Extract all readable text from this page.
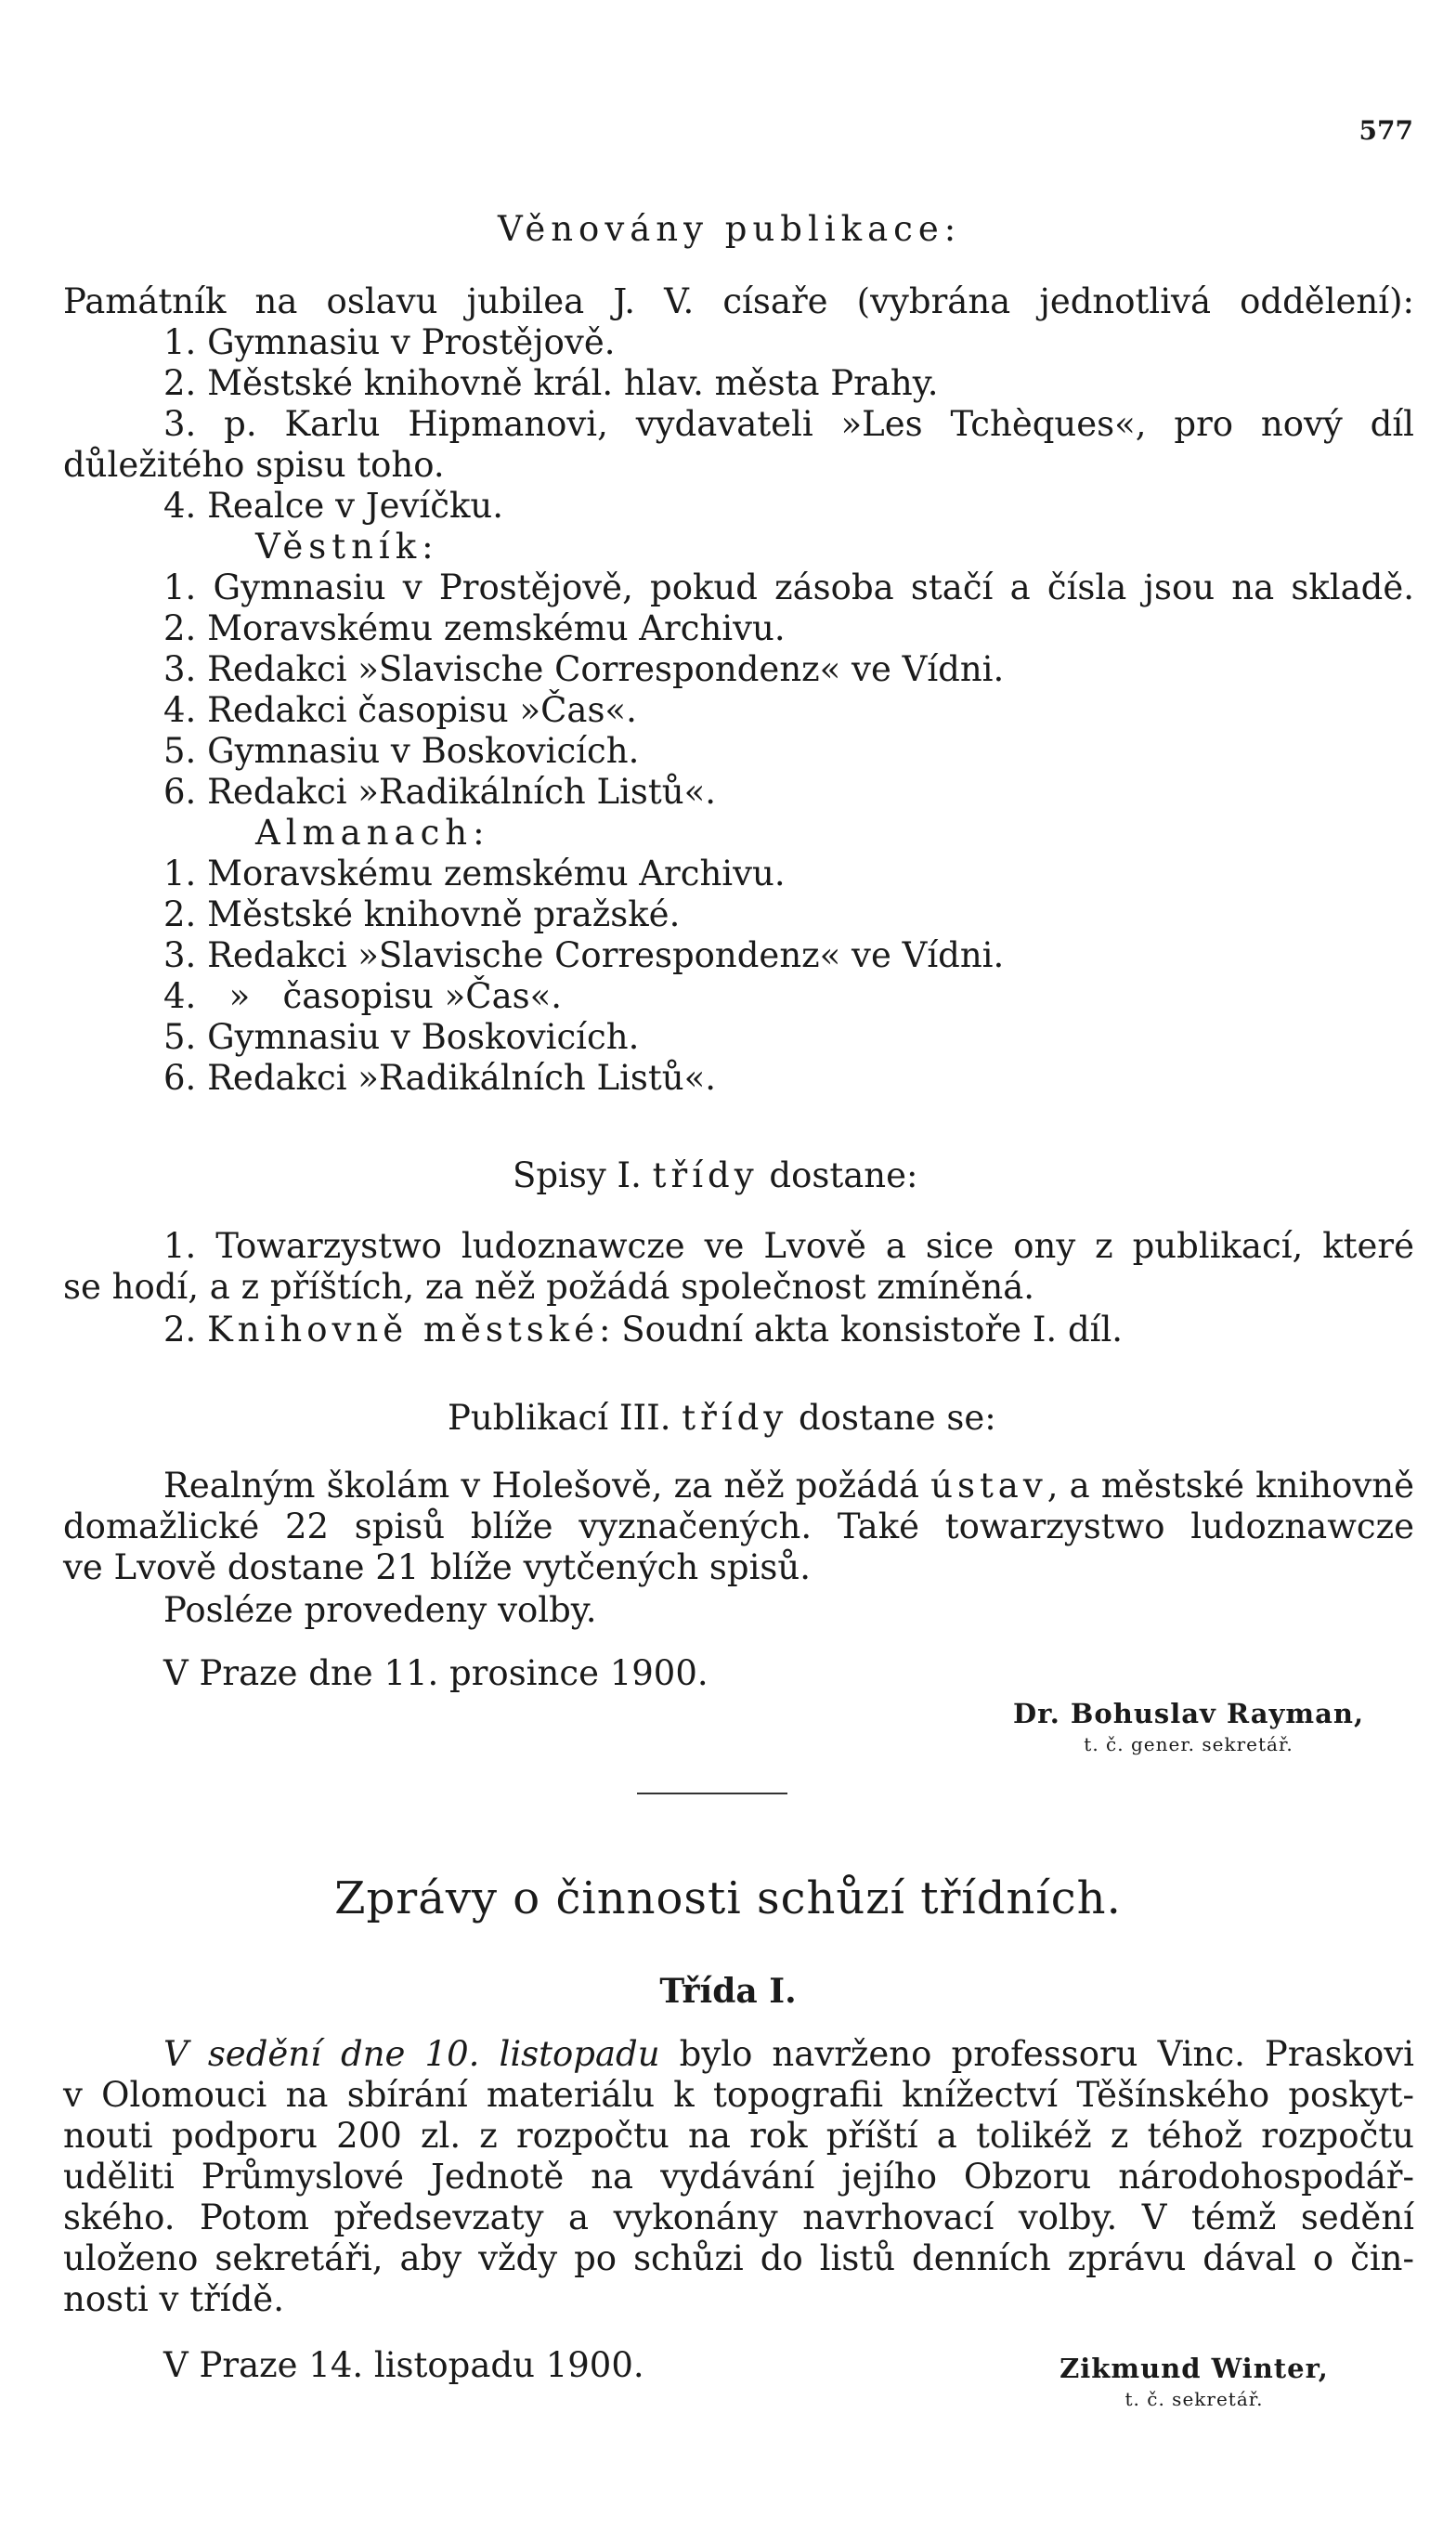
577
Věnovány publikace:
Památník na oslavu jubilea J. V. císaře (vybrána jednotlivá oddělení):
1. Gymnasiu v Prostějově.
2. Městské knihovně král. hlav. města Prahy.
3. p. Karlu Hipmanovi, vydavateli »Les Tchèques«, pro nový díl
důležitého spisu toho.
4. Realce v Jevíčku.
Věstník:
1. Gymnasiu v Prostějově, pokud zásoba stačí a čísla jsou na skladě.
2. Moravskému zemskému Archivu.
3. Redakci »Slavische Correspondenz« ve Vídni.
4. Redakci časopisu »Čas«.
5. Gymnasiu v Boskovicích.
6. Redakci »Radikálních Listů«.
Almanach:
1. Moravskému zemskému Archivu.
2. Městské knihovně pražské.
3. Redakci »Slavische Correspondenz« ve Vídni.
4.   »   časopisu »Čas«.
5. Gymnasiu v Boskovicích.
6. Redakci »Radikálních Listů«.
Spisy I. třídy dostane:
1. Towarzystwo ludoznawcze ve Lvově a sice ony z publikací, které
se hodí, a z příštích, za něž požádá společnost zmíněná.
2. Knihovně městské: Soudní akta konsistoře I. díl.
Publikací III. třídy dostane se:
Realným školám v Holešově, za něž požádá ústav, a městské knihovně
domažlické 22 spisů blíže vyznačených. Také towarzystwo ludoznawcze
ve Lvově dostane 21 blíže vytčených spisů.
Posléze provedeny volby.
V Praze dne 11. prosince 1900.
Dr. Bohuslav Rayman,
t. č. gener. sekretář.
Zprávy o činnosti schůzí třídních.
Třída I.
V sedění dne 10. listopadu bylo navrženo professoru Vinc. Praskovi
v Olomouci na sbírání materiálu k topografii knížectví Těšínského poskyt-
nouti podporu 200 zl. z rozpočtu na rok příští a tolikéž z téhož rozpočtu
uděliti Průmyslové Jednotě na vydávání jejího Obzoru národohospodář-
ského. Potom předsevzaty a vykonány navrhovací volby. V témž sedění
uloženo sekretáři, aby vždy po schůzi do listů denních zprávu dával o čin-
nosti v třídě.
V Praze 14. listopadu 1900.	Zikmund Winter,
t. č. sekretář.
